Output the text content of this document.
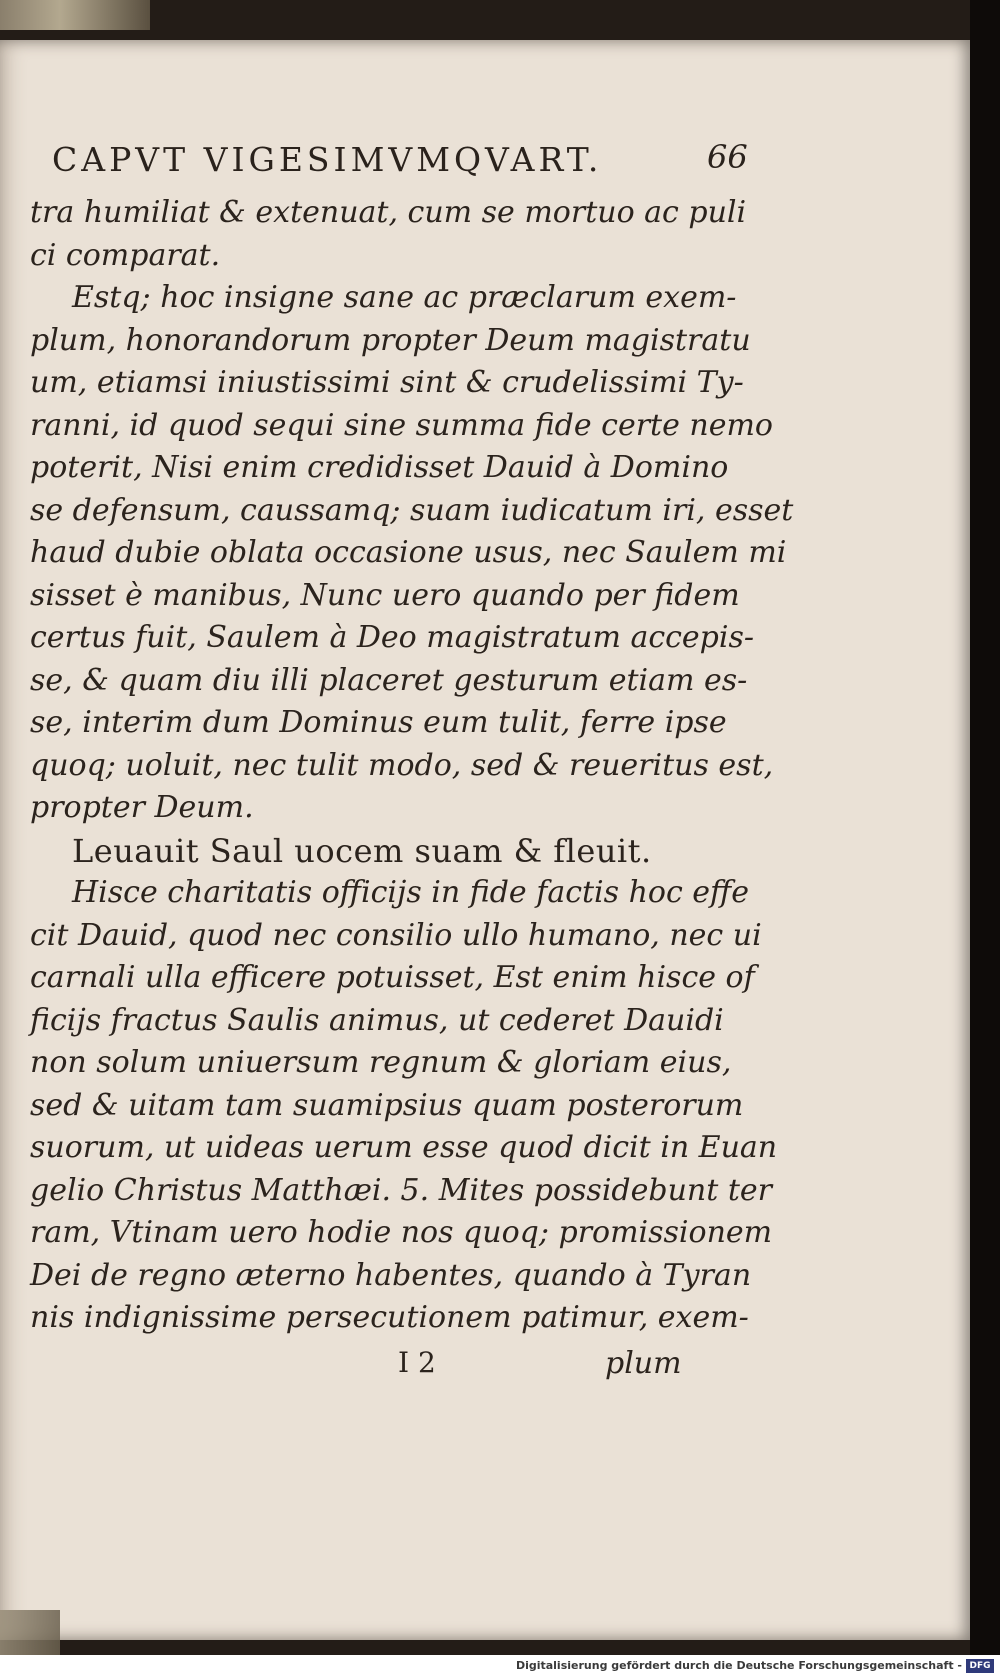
CAPVT VIGESIMVMQVART.	66
tra humiliat & extenuat, cum se mortuo ac puli
ci comparat.
Estq; hoc insigne sane ac præclarum exem-
plum, honorandorum propter Deum magistratu
um, etiamsi iniustissimi sint & crudelissimi Ty-
ranni, id quod sequi sine summa fide certe nemo
poterit, Nisi enim credidisset Dauid à Domino
se defensum, caussamq; suam iudicatum iri, esset
haud dubie oblata occasione usus, nec Saulem mi
sisset è manibus, Nunc uero quando per fidem
certus fuit, Saulem à Deo magistratum accepis-
se, & quam diu illi placeret gesturum etiam es-
se, interim dum Dominus eum tulit, ferre ipse
quoq; uoluit, nec tulit modo, sed & reueritus est,
propter Deum.
Leuauit Saul uocem suam & fleuit.
Hisce charitatis officijs in fide factis hoc effe
cit Dauid, quod nec consilio ullo humano, nec ui
carnali ulla efficere potuisset, Est enim hisce of
ficijs fractus Saulis animus, ut cederet Dauidi
non solum uniuersum regnum & gloriam eius,
sed & uitam tam suamipsius quam posterorum
suorum, ut uideas uerum esse quod dicit in Euan
gelio Christus Matthæi. 5. Mites possidebunt ter
ram, Vtinam uero hodie nos quoq; promissionem
Dei de regno æterno habentes, quando à Tyran
nis indignissime persecutionem patimur, exem-
I 2	plum
Digitalisierung gefördert durch die Deutsche Forschungsgemeinschaft - DFG
